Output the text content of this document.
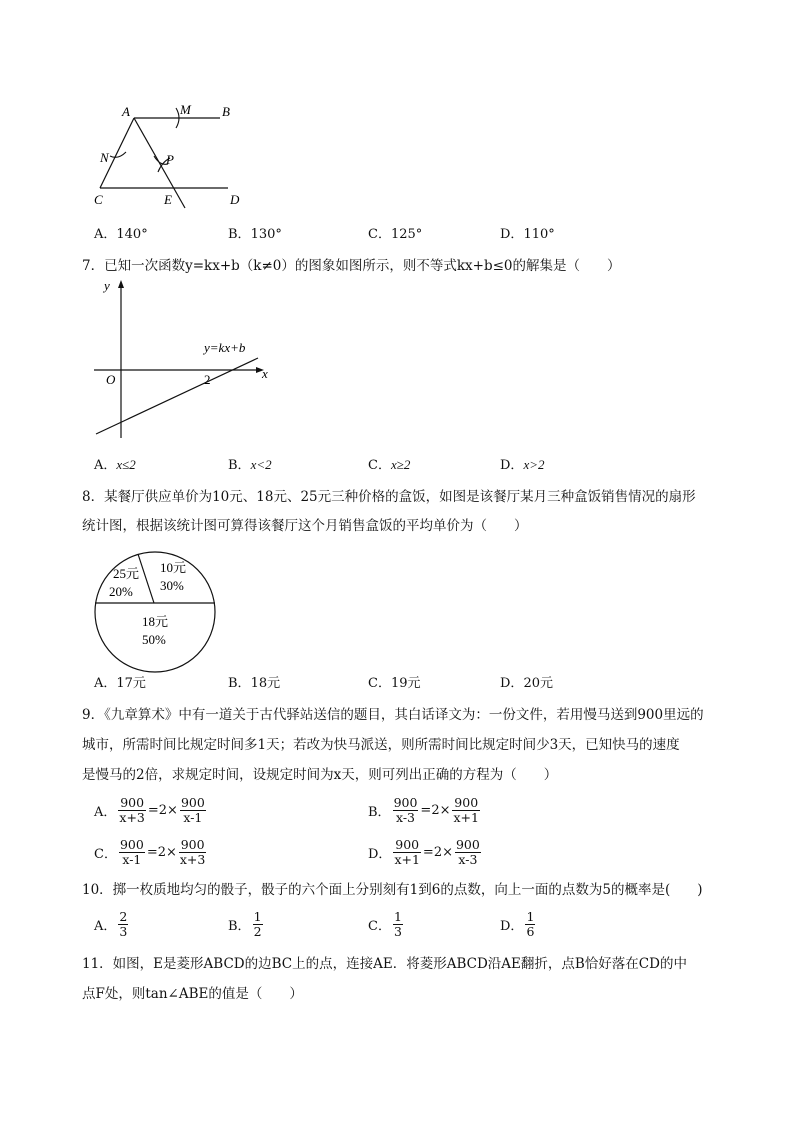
A	M B
N	P
C	E	D
A．140°	B．130°	C．125°	D．110°
7．已知一次函数y=kx+b（k≠0）的图象如图所示，则不等式kx+b≤0的解集是（　　）
y
x
O	2
y=kx+b
A．x≤2	B．x<2	C．x≥2	D．x>2
8．某餐厅供应单价为10元、18元、25元三种价格的盒饭，如图是该餐厅某月三种盒饭销售情况的扇形
统计图，根据该统计图可算得该餐厅这个月销售盒饭的平均单价为（　　）
25元
20%
10元
30%
18元
50%
A．17元	B．18元	C．19元	D．20元
9．《九章算术》中有一道关于古代驿站送信的题目，其白话译文为：一份文件，若用慢马送到900里远的
城市，所需时间比规定时间多1天；若改为快马派送，则所需时间比规定时间少3天，已知快马的速度
是慢马的2倍，求规定时间，设规定时间为x天，则可列出正确的方程为（　　）
A． $\frac{900}{x+3} =2\times \frac{900}{x-1}$	B． $\frac{900}{x-3} =2\times \frac{900}{x+1}$
C． $\frac{900}{x-1} =2\times \frac{900}{x+3}$	D． $\frac{900}{x+1} =2\times \frac{900}{x-3}$
10．掷一枚质地均匀的骰子，骰子的六个面上分别刻有1到6的点数，向上一面的点数为5的概率是(　　)
A． $\frac{2}{3}$	B． $\frac{1}{2}$	C． $\frac{1}{3}$	D． $\frac{1}{6}$
11．如图，E是菱形ABCD的边BC上的点，连接AE．将菱形ABCD沿AE翻折，点B恰好落在CD的中
点F处，则tan∠ABE的值是（　　）
